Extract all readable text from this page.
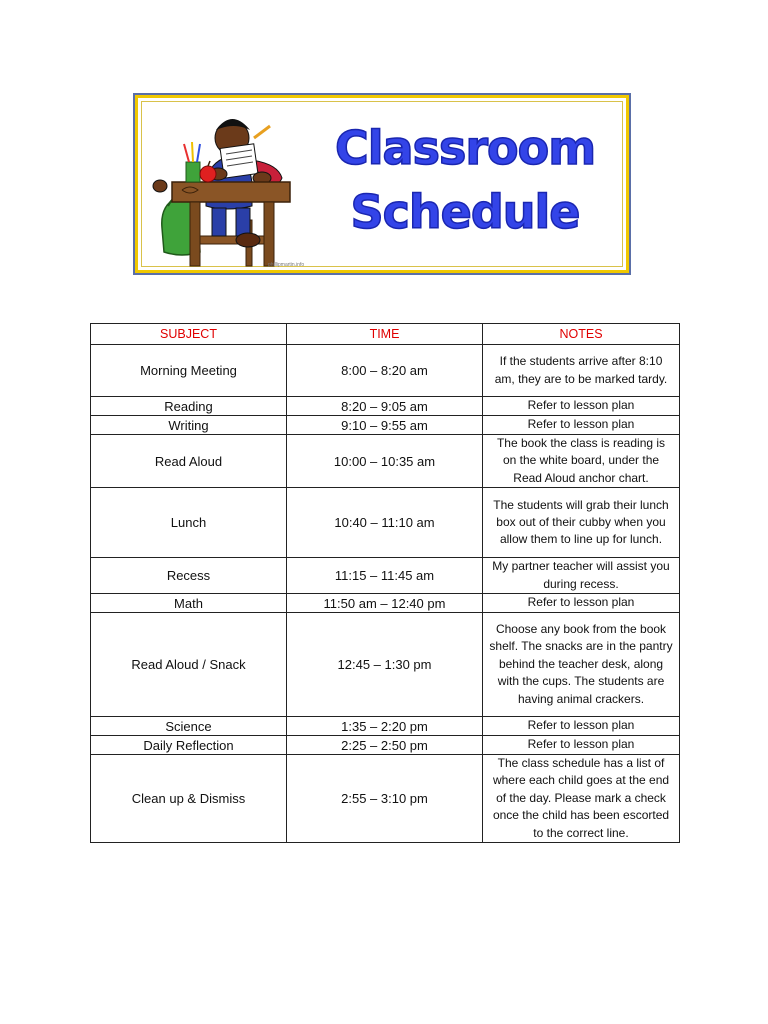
phillipmartin.info
Classroom
Schedule
SUBJECT	TIME	NOTES
Morning Meeting	8:00 – 8:20 am	If the students arrive after 8:10 am, they are to be marked tardy.
Reading	8:20 – 9:05 am	Refer to lesson plan
Writing	9:10 – 9:55 am	Refer to lesson plan
Read Aloud	10:00 – 10:35 am	The book the class is reading is on the white board, under the Read Aloud anchor chart.
Lunch	10:40 – 11:10 am	The students will grab their lunch box out of their cubby when you allow them to line up for lunch.
Recess	11:15 – 11:45 am	My partner teacher will assist you during recess.
Math	11:50 am – 12:40 pm	Refer to lesson plan
Read Aloud / Snack	12:45 – 1:30 pm	Choose any book from the book shelf. The snacks are in the pantry behind the teacher desk, along with the cups. The students are having animal crackers.
Science	1:35 – 2:20 pm	Refer to lesson plan
Daily Reflection	2:25 – 2:50 pm	Refer to lesson plan
Clean up & Dismiss	2:55 – 3:10 pm	The class schedule has a list of where each child goes at the end of the day. Please mark a check once the child has been escorted to the correct line.
